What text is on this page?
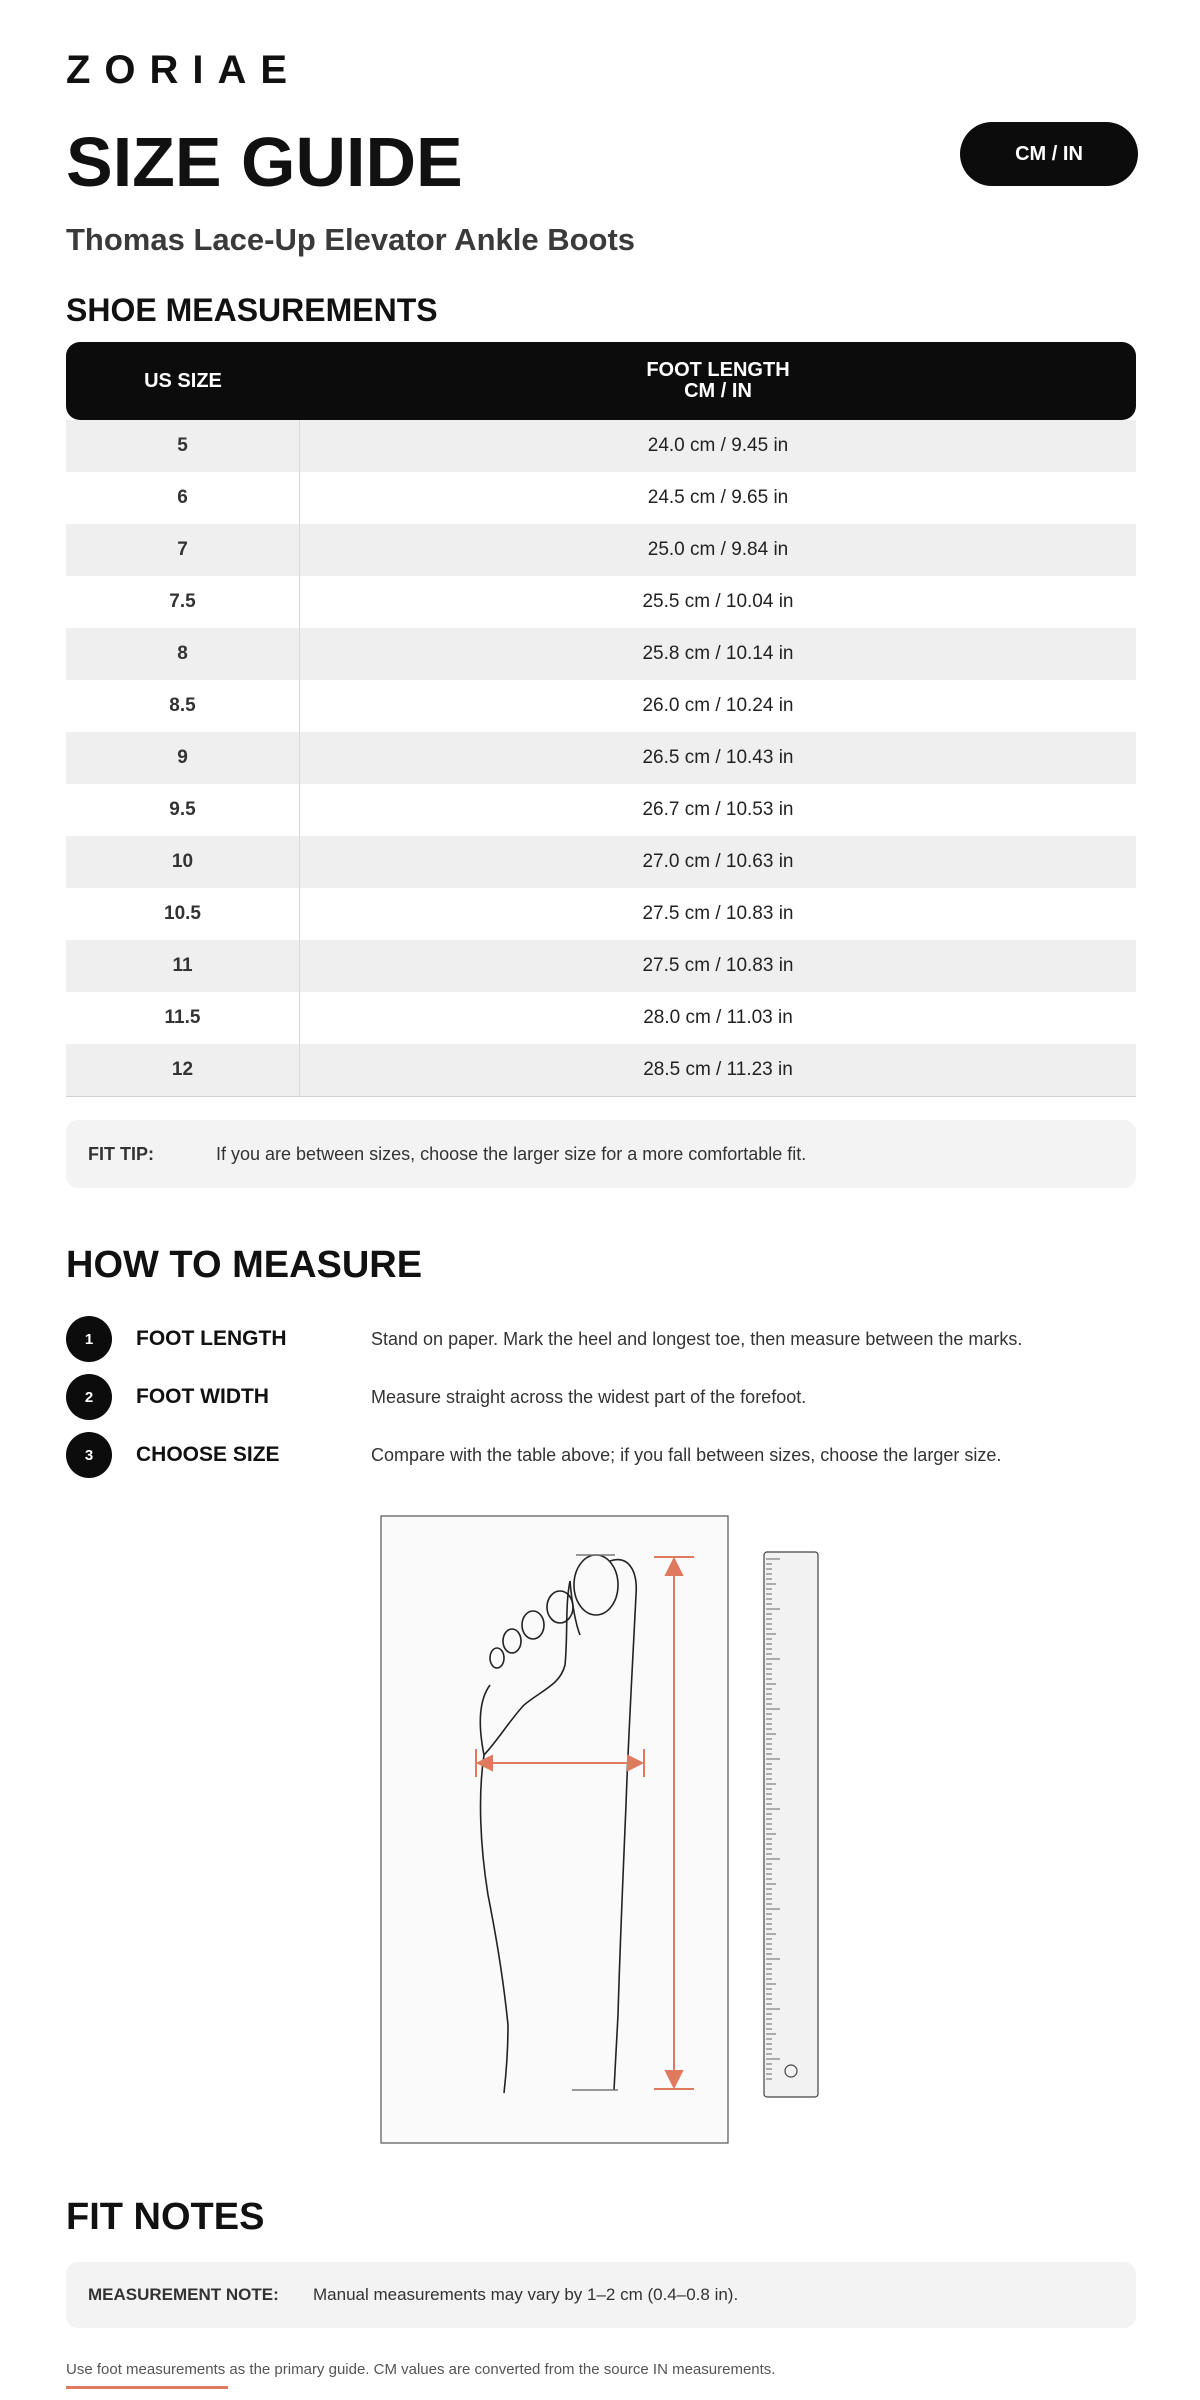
ZORIAE
SIZE GUIDE	CM / IN
Thomas Lace-Up Elevator Ankle Boots
SHOE MEASUREMENTS
US SIZE	FOOT LENGTH
CM / IN
5	24.0 cm / 9.45 in
6	24.5 cm / 9.65 in
7	25.0 cm / 9.84 in
7.5	25.5 cm / 10.04 in
8	25.8 cm / 10.14 in
8.5	26.0 cm / 10.24 in
9	26.5 cm / 10.43 in
9.5	26.7 cm / 10.53 in
10	27.0 cm / 10.63 in
10.5	27.5 cm / 10.83 in
11	27.5 cm / 10.83 in
11.5	28.0 cm / 11.03 in
12	28.5 cm / 11.23 in
FIT TIP:	If you are between sizes, choose the larger size for a more comfortable fit.
HOW TO MEASURE
1	FOOT LENGTH	Stand on paper. Mark the heel and longest toe, then measure between the marks.
2	FOOT WIDTH	Measure straight across the widest part of the forefoot.
3	CHOOSE SIZE	Compare with the table above; if you fall between sizes, choose the larger size.
FIT NOTES
MEASUREMENT NOTE:	Manual measurements may vary by 1–2 cm (0.4–0.8 in).
Use foot measurements as the primary guide. CM values are converted from the source IN measurements.
